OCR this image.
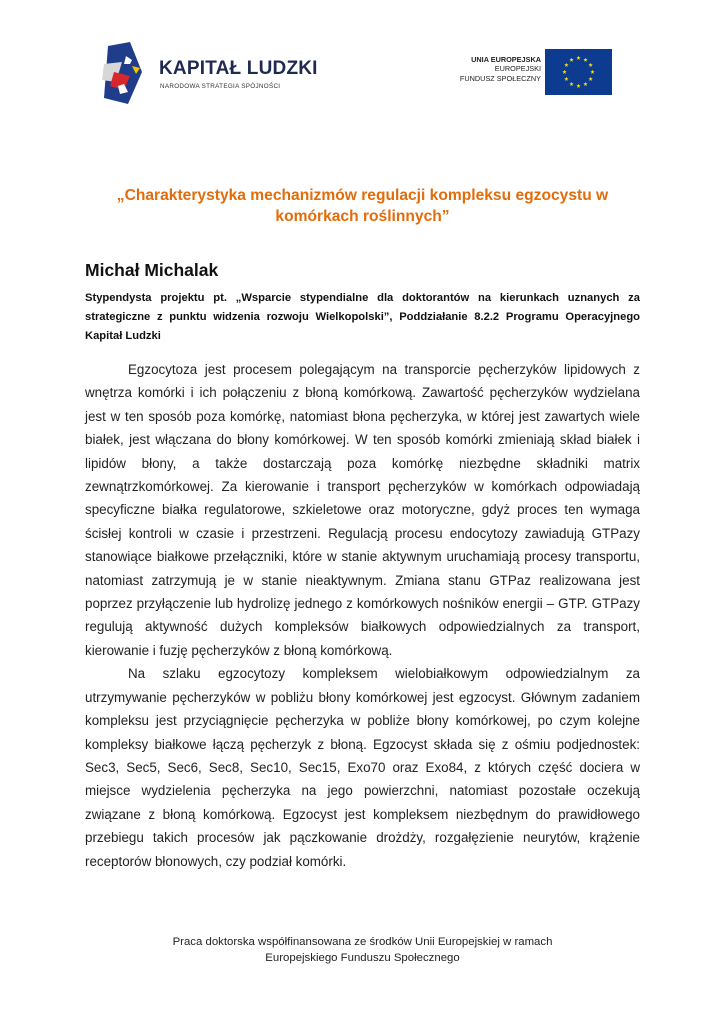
KAPITAŁ LUDZKI
NARODOWA STRATEGIA SPÓJNOŚCI
UNIA EUROPEJSKA
EUROPEJSKI
FUNDUSZ SPOŁECZNY
„Charakterystyka mechanizmów regulacji kompleksu egzocystu w komórkach roślinnych”
Michał Michalak
Stypendysta projektu pt. „Wsparcie stypendialne dla doktorantów na kierunkach uznanych za strategiczne z punktu widzenia rozwoju Wielkopolski”, Poddziałanie 8.2.2 Programu Operacyjnego Kapitał Ludzki

Egzocytoza jest procesem polegającym na transporcie pęcherzyków lipidowych z wnętrza komórki i ich połączeniu z błoną komórkową. Zawartość pęcherzyków wydzielana jest w ten sposób poza komórkę, natomiast błona pęcherzyka, w której jest zawartych wiele białek, jest włączana do błony komórkowej. W ten sposób komórki zmieniają skład białek i lipidów błony, a także dostarczają poza komórkę niezbędne składniki matrix zewnątrzkomórkowej. Za kierowanie i transport pęcherzyków w komórkach odpowiadają specyficzne białka regulatorowe, szkieletowe oraz motoryczne, gdyż proces ten wymaga ścisłej kontroli w czasie i przestrzeni. Regulacją procesu endocytozy zawiadują GTPazy stanowiące białkowe przełączniki, które w stanie aktywnym uruchamiają procesy transportu, natomiast zatrzymują je w stanie nieaktywnym. Zmiana stanu GTPaz realizowana jest poprzez przyłączenie lub hydrolizę jednego z komórkowych nośników energii – GTP. GTPazy regulują aktywność dużych kompleksów białkowych odpowiedzialnych za transport, kierowanie i fuzję pęcherzyków z błoną komórkową.

Na szlaku egzocytozy kompleksem wielobiałkowym odpowiedzialnym za utrzymywanie pęcherzyków w pobliżu błony komórkowej jest egzocyst. Głównym zadaniem kompleksu jest przyciągnięcie pęcherzyka w pobliże błony komórkowej, po czym kolejne kompleksy białkowe łączą pęcherzyk z błoną. Egzocyst składa się z ośmiu podjednostek: Sec3, Sec5, Sec6, Sec8, Sec10, Sec15, Exo70 oraz Exo84, z których część dociera w miejsce wydzielenia pęcherzyka na jego powierzchni, natomiast pozostałe oczekują związane z błoną komórkową. Egzocyst jest kompleksem niezbędnym do prawidłowego przebiegu takich procesów jak pączkowanie drożdży, rozgałęzienie neurytów, krążenie receptorów błonowych, czy podział komórki.

Praca doktorska współfinansowana ze środków Unii Europejskiej w ramach
Europejskiego Funduszu Społecznego
